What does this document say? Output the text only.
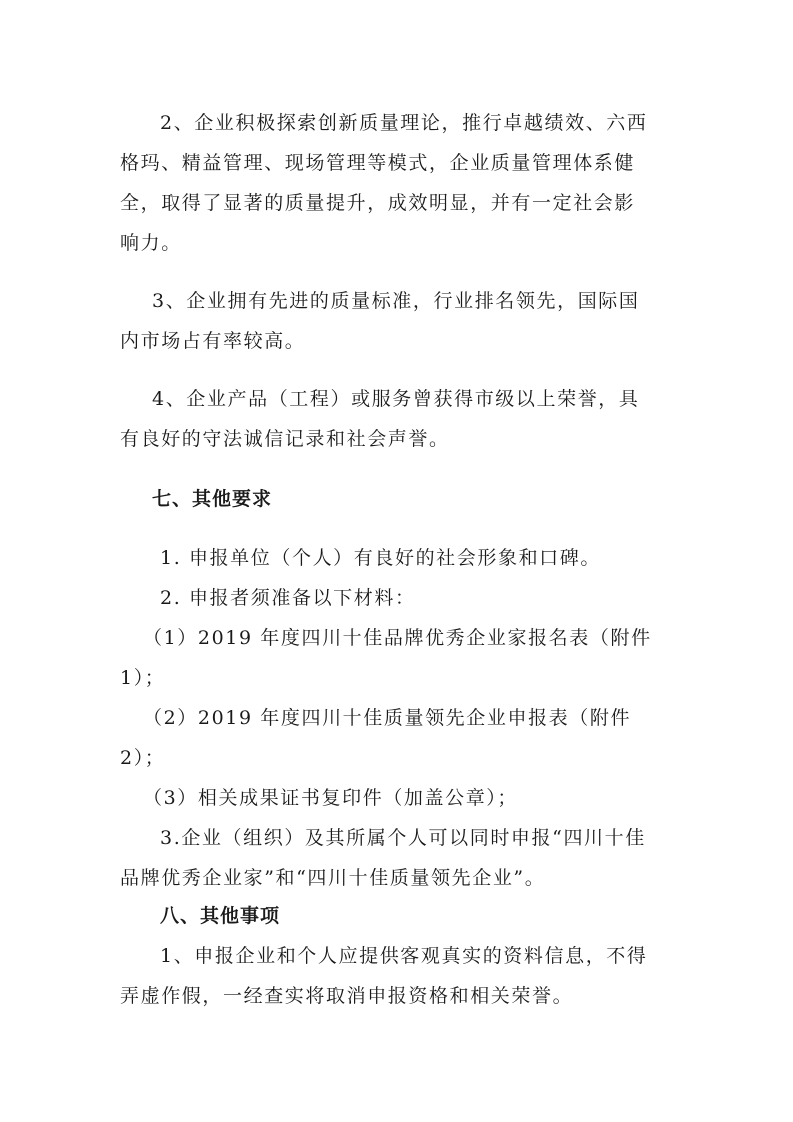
2、企业积极探索创新质量理论，推行卓越绩效、六西

格玛、精益管理、现场管理等模式，企业质量管理体系健

全，取得了显著的质量提升，成效明显，并有一定社会影

响力。

3、企业拥有先进的质量标准，行业排名领先，国际国

内市场占有率较高。

4、企业产品（工程）或服务曾获得市级以上荣誉，具

有良好的守法诚信记录和社会声誉。

七、其他要求

1. 申报单位（个人）有良好的社会形象和口碑。

2. 申报者须准备以下材料：

（1）2019 年度四川十佳品牌优秀企业家报名表（附件

1）；

（2）2019 年度四川十佳质量领先企业申报表（附件

2）；

（3）相关成果证书复印件（加盖公章）；

3.企业（组织）及其所属个人可以同时申报“四川十佳

品牌优秀企业家”和“四川十佳质量领先企业”。

八、其他事项

1、申报企业和个人应提供客观真实的资料信息，不得

弄虚作假，一经查实将取消申报资格和相关荣誉。
